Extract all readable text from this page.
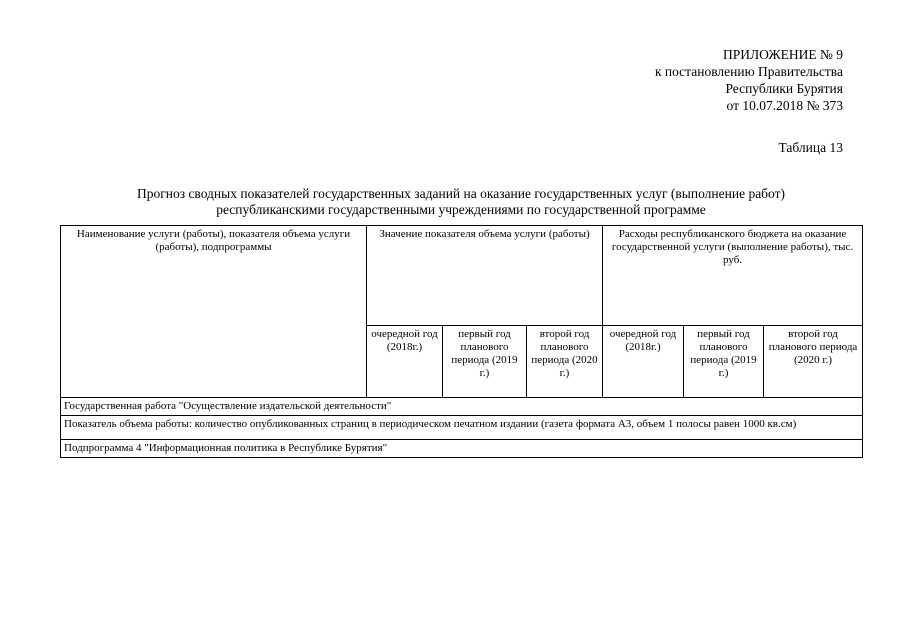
ПРИЛОЖЕНИЕ № 9
к постановлению Правительства
Республики Бурятия
от 10.07.2018 № 373
Таблица 13
Прогноз сводных показателей государственных заданий на оказание государственных услуг (выполнение работ)
республиканскими государственными учреждениями по государственной программе
Наименование услуги (работы), показателя объема услуги (работы), подпрограммы	Значение показателя объема услуги (работы)			Расходы республиканского бюджета на оказание государственной услуги (выполнение работы), тыс. руб.		
	очередной год (2018г.)	первый год планового периода (2019 г.)	второй год планового периода (2020 г.)	очередной год (2018г.)	первый год планового периода (2019 г.)	второй год планового периода (2020 г.)
Государственная работа "Осуществление издательской деятельности"						
Показатель объема работы: количество опубликованных страниц в периодическом печатном издании (газета формата А3, объем 1 полосы равен 1000 кв.см)						
Подпрограмма 4 "Информационная политика в Республике Бурятия"						
